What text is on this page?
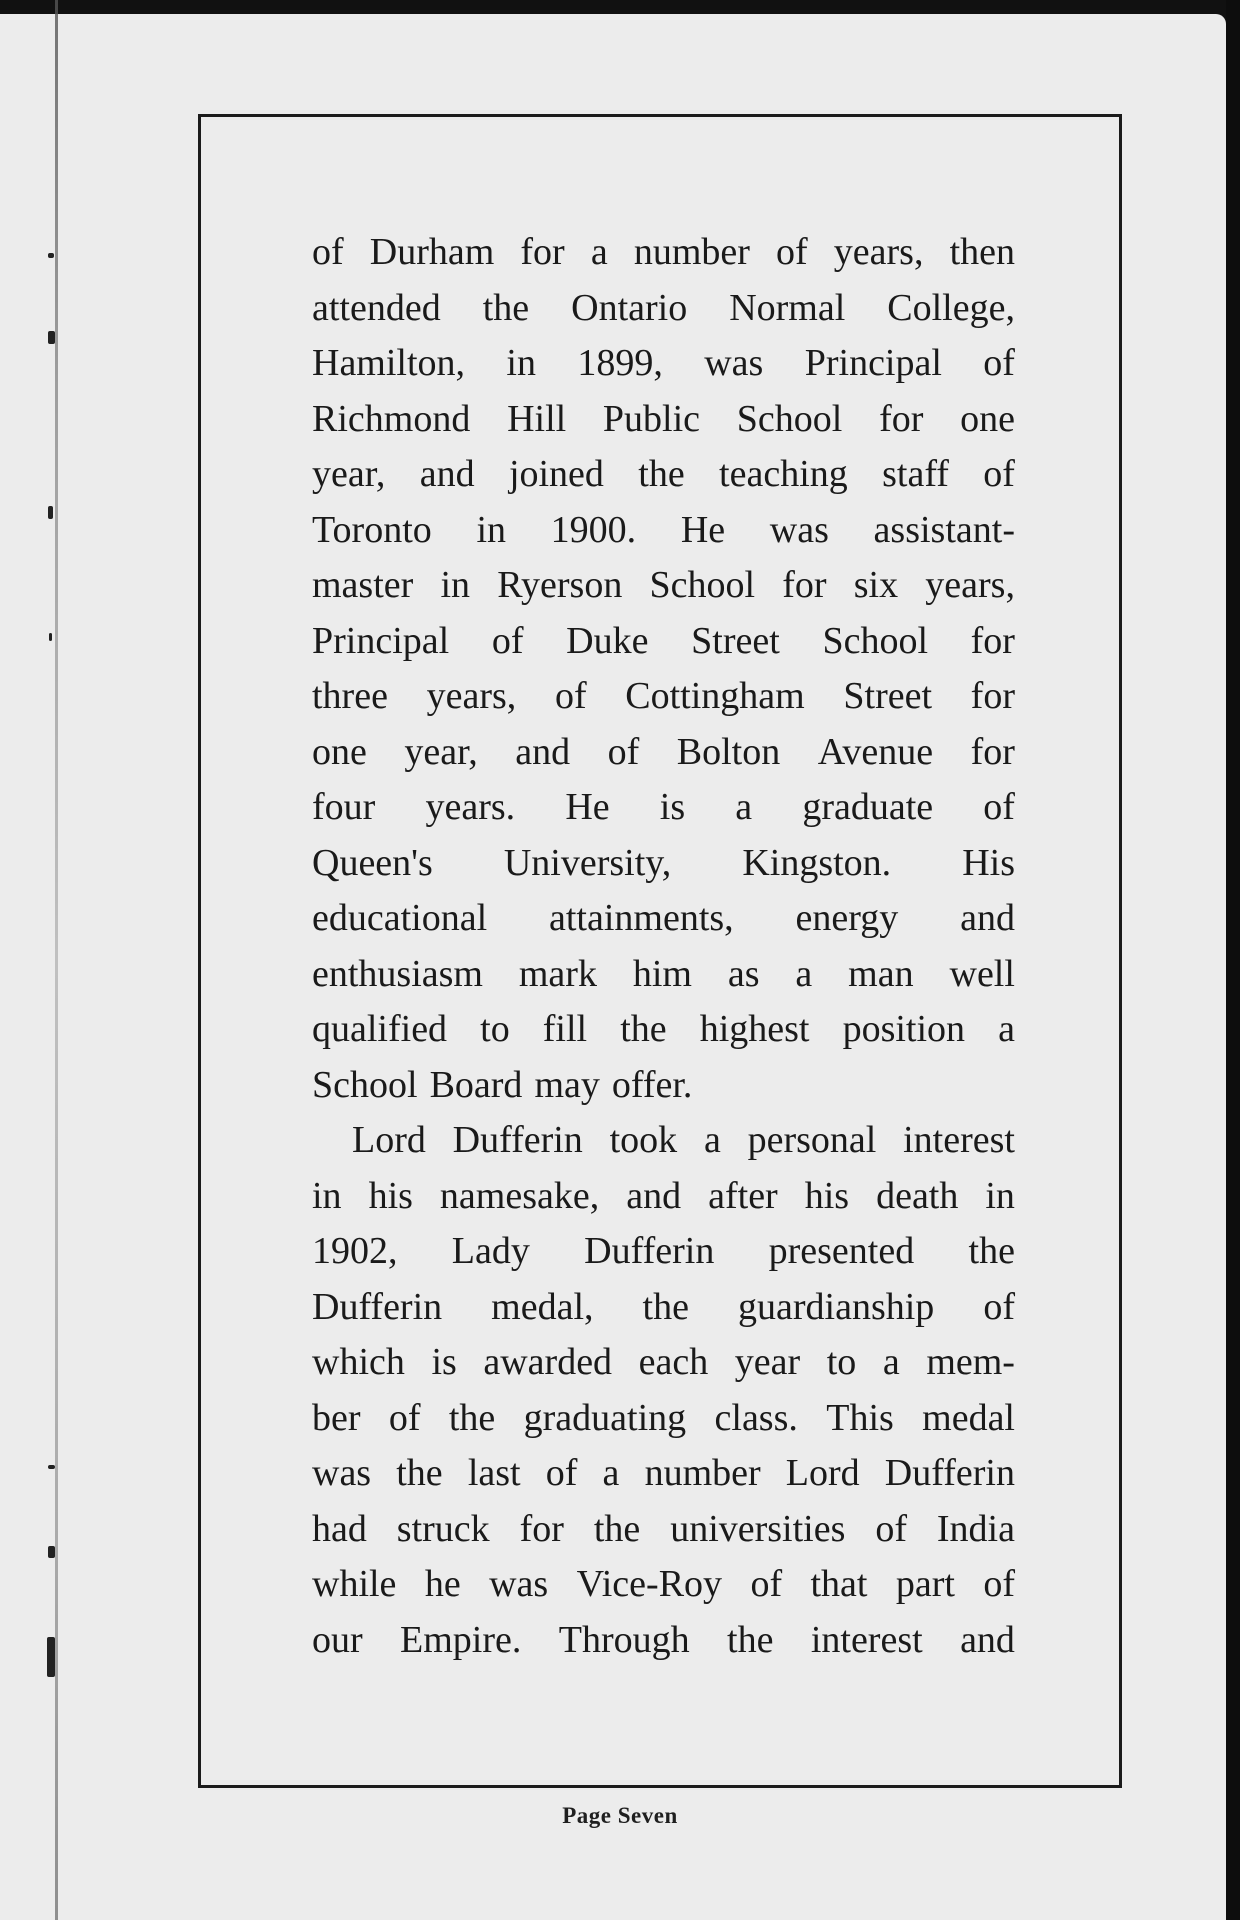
of Durham for a number of years, then
attended the Ontario Normal College,
Hamilton, in 1899, was Principal of
Richmond Hill Public School for one
year, and joined the teaching staff of
Toronto in 1900. He was assistant-
master in Ryerson School for six years,
Principal of Duke Street School for
three years, of Cottingham Street for
one year, and of Bolton Avenue for
four years. He is a graduate of
Queen's University, Kingston. His
educational attainments, energy and
enthusiasm mark him as a man well
qualified to fill the highest position a
School Board may offer.
Lord Dufferin took a personal interest
in his namesake, and after his death in
1902, Lady Dufferin presented the
Dufferin medal, the guardianship of
which is awarded each year to a mem-
ber of the graduating class. This medal
was the last of a number Lord Dufferin
had struck for the universities of India
while he was Vice-Roy of that part of
our Empire. Through the interest and
Page Seven
